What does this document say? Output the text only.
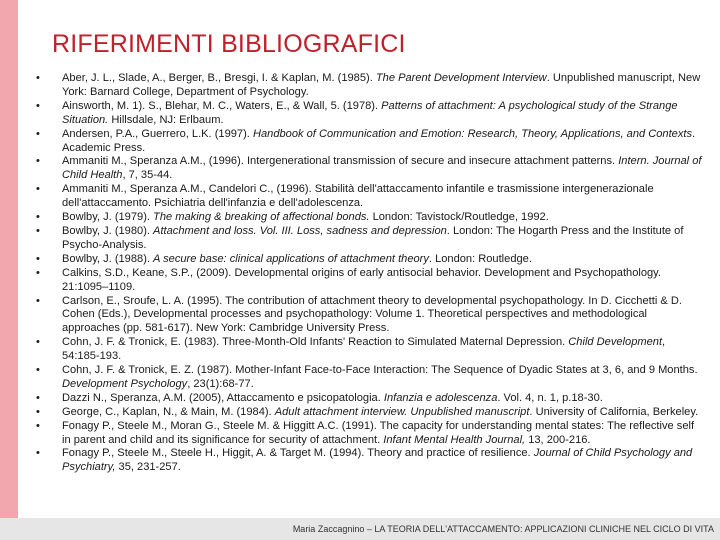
RIFERIMENTI BIBLIOGRAFICI
•	Aber, J. L., Slade, A., Berger, B., Bresgi, I. & Kaplan, M. (1985). The Parent Development Interview. Unpublished manuscript, New York: Barnard College, Department of Psychology.
•	Ainsworth, M. 1). S., Blehar, M. C., Waters, E., & Wall, 5. (1978). Patterns of attachment: A psychological study of the Strange Situation. Hillsdale, NJ: Erlbaum.
•	Andersen, P.A., Guerrero, L.K. (1997). Handbook of Communication and Emotion: Research, Theory, Applications, and Contexts. Academic Press.
•	Ammaniti M., Speranza A.M., (1996). Intergenerational transmission of secure and insecure attachment patterns. Intern. Journal of Child Health, 7, 35-44.
•	Ammaniti M., Speranza A.M., Candelori C., (1996). Stabilità dell'attaccamento infantile e trasmissione intergenerazionale dell'attaccamento. Psichiatria dell'infanzia e dell'adolescenza.
•	Bowlby, J. (1979). The making & breaking of affectional bonds. London: Tavistock/Routledge, 1992.
•	Bowlby, J. (1980). Attachment and loss. Vol. III. Loss, sadness and depression. London: The Hogarth Press and the Institute of Psycho-Analysis.
•	Bowlby, J. (1988). A secure base: clinical applications of attachment theory. London: Routledge.
•	Calkins, S.D., Keane, S.P., (2009). Developmental origins of early antisocial behavior. Development and Psychopathology. 21:1095–1109.
•	Carlson, E., Sroufe, L. A. (1995). The contribution of attachment theory to developmental psychopathology. In D. Cicchetti & D. Cohen (Eds.), Developmental processes and psychopathology: Volume 1. Theoretical perspectives and methodological approaches (pp. 581-617). New York: Cambridge University Press.
•	Cohn, J. F. & Tronick, E. (1983). Three-Month-Old Infants' Reaction to Simulated Maternal Depression. Child Development, 54:185-193.
•	Cohn, J. F. & Tronick, E. Z. (1987). Mother-Infant Face-to-Face Interaction: The Sequence of Dyadic States at 3, 6, and 9 Months. Development Psychology, 23(1):68-77.
•	Dazzi N., Speranza, A.M. (2005), Attaccamento e psicopatologia. Infanzia e adolescenza. Vol. 4, n. 1, p.18-30.
•	George, C., Kaplan, N., & Main, M. (1984). Adult attachment interview. Unpublished manuscript. University of California, Berkeley.
•	Fonagy P., Steele M., Moran G., Steele M. & Higgitt A.C. (1991). The capacity for understanding mental states: The reflective self in parent and child and its significance for security of attachment. Infant Mental Health Journal, 13, 200-216.
•	Fonagy P., Steele M., Steele H., Higgit, A. & Target M. (1994). Theory and practice of resilience. Journal of Child Psychology and Psychiatry, 35, 231-257.
Maria Zaccagnino – LA TEORIA DELL'ATTACCAMENTO: APPLICAZIONI CLINICHE NEL CICLO DI VITA
